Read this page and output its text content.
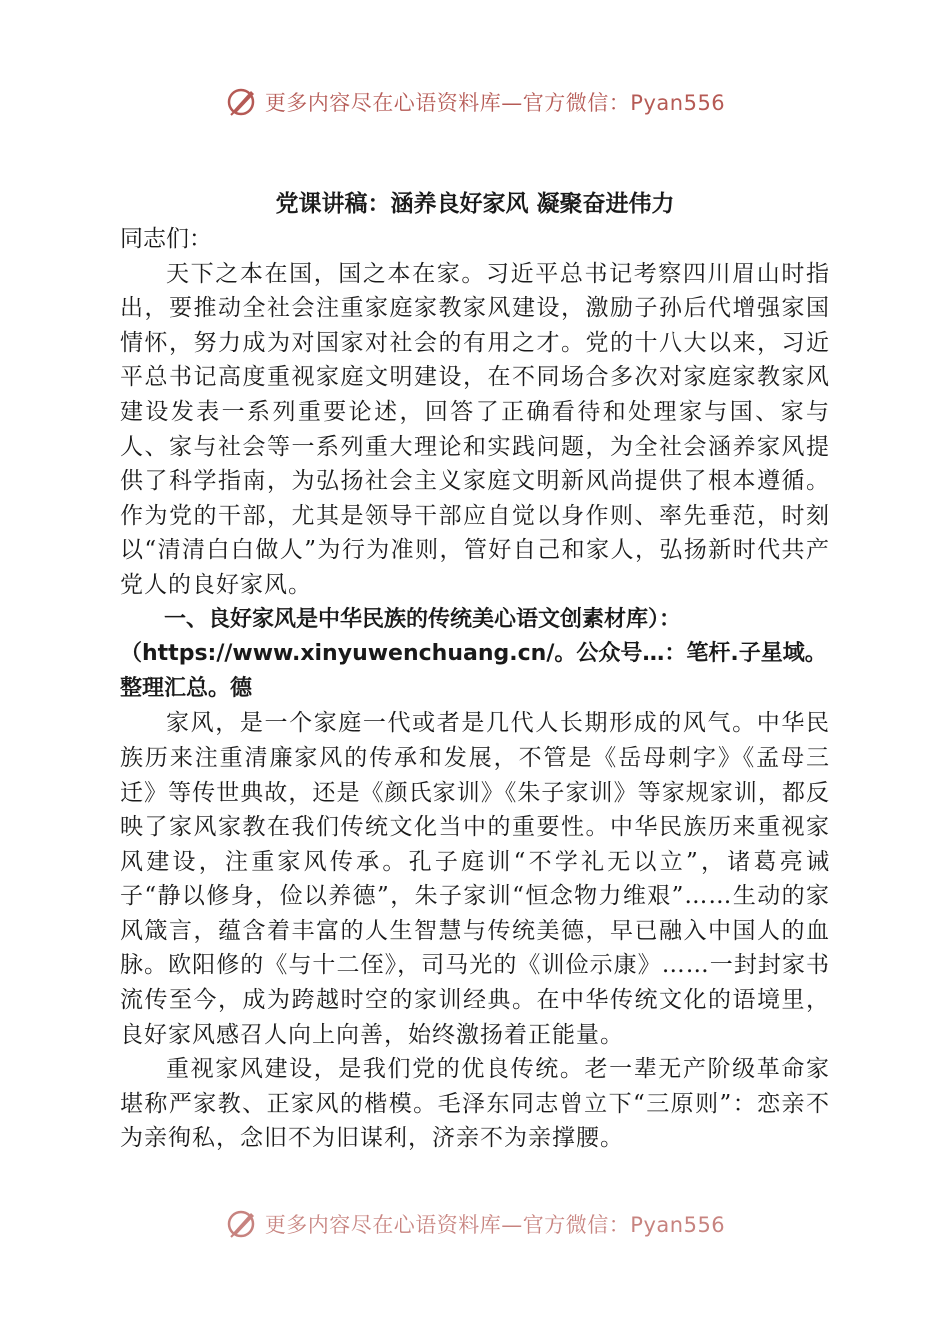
更多内容尽在心语资料库—官方微信：Pyan556
党课讲稿：涵养良好家风 凝聚奋进伟力
同志们：

天下之本在国，国之本在家。习近平总书记考察四川眉山时指出，要推动全社会注重家庭家教家风建设，激励子孙后代增强家国情怀，努力成为对国家对社会的有用之才。党的十八大以来，习近平总书记高度重视家庭文明建设，在不同场合多次对家庭家教家风建设发表一系列重要论述，回答了正确看待和处理家与国、家与人、家与社会等一系列重大理论和实践问题，为全社会涵养家风提供了科学指南，为弘扬社会主义家庭文明新风尚提供了根本遵循。作为党的干部，尤其是领导干部应自觉以身作则、率先垂范，时刻以“清清白白做人”为行为准则，管好自己和家人，弘扬新时代共产党人的良好家风。

一、良好家风是中华民族的传统美心语文创素材库）：（https://www.xinyuwenchuang.cn/。公众号…：笔杆.子星域。整理汇总。德

家风，是一个家庭一代或者是几代人长期形成的风气。中华民族历来注重清廉家风的传承和发展，不管是《岳母刺字》《孟母三迁》等传世典故，还是《颜氏家训》《朱子家训》等家规家训，都反映了家风家教在我们传统文化当中的重要性。中华民族历来重视家风建设，注重家风传承。孔子庭训“不学礼无以立”，诸葛亮诫子“静以修身，俭以养德”，朱子家训“恒念物力维艰”……生动的家风箴言，蕴含着丰富的人生智慧与传统美德，早已融入中国人的血脉。欧阳修的《与十二侄》，司马光的《训俭示康》……一封封家书流传至今，成为跨越时空的家训经典。在中华传统文化的语境里，良好家风感召人向上向善，始终激扬着正能量。

重视家风建设，是我们党的优良传统。老一辈无产阶级革命家堪称严家教、正家风的楷模。毛泽东同志曾立下“三原则”：恋亲不为亲徇私，念旧不为旧谋利，济亲不为亲撑腰。

更多内容尽在心语资料库—官方微信：Pyan556
